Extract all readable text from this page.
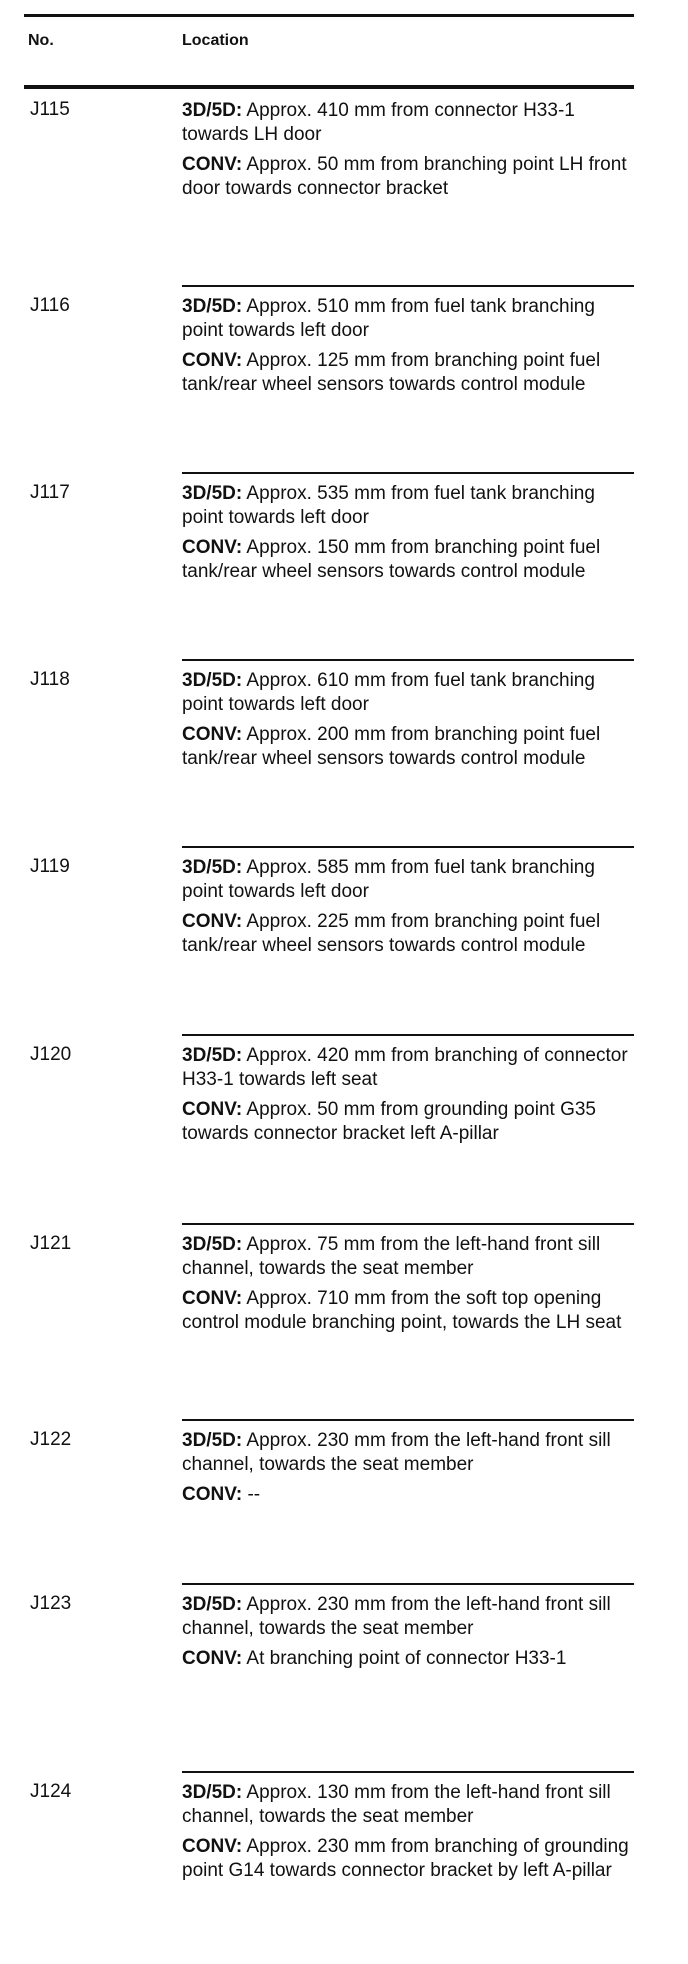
No.	Location
J115	3D/5D: Approx. 410 mm from connector H33-1 towards LH door

CONV: Approx. 50 mm from branching point LH front door towards connector bracket

J116	3D/5D: Approx. 510 mm from fuel tank branching point towards left door

CONV: Approx. 125 mm from branching point fuel tank/rear wheel sensors towards control module

J117	3D/5D: Approx. 535 mm from fuel tank branching point towards left door

CONV: Approx. 150 mm from branching point fuel tank/rear wheel sensors towards control module

J118	3D/5D: Approx. 610 mm from fuel tank branching point towards left door

CONV: Approx. 200 mm from branching point fuel tank/rear wheel sensors towards control module

J119	3D/5D: Approx. 585 mm from fuel tank branching point towards left door

CONV: Approx. 225 mm from branching point fuel tank/rear wheel sensors towards control module

J120	3D/5D: Approx. 420 mm from branching of connector H33-1 towards left seat

CONV: Approx. 50 mm from grounding point G35 towards connector bracket left A-pillar

J121	3D/5D: Approx. 75 mm from the left-hand front sill channel, towards the seat member

CONV: Approx. 710 mm from the soft top opening control module branching point, towards the LH seat

J122	3D/5D: Approx. 230 mm from the left-hand front sill channel, towards the seat member

CONV: --

J123	3D/5D: Approx. 230 mm from the left-hand front sill channel, towards the seat member

CONV: At branching point of connector H33-1

J124	3D/5D: Approx. 130 mm from the left-hand front sill channel, towards the seat member

CONV: Approx. 230 mm from branching of grounding point G14 towards connector bracket by left A-pillar
